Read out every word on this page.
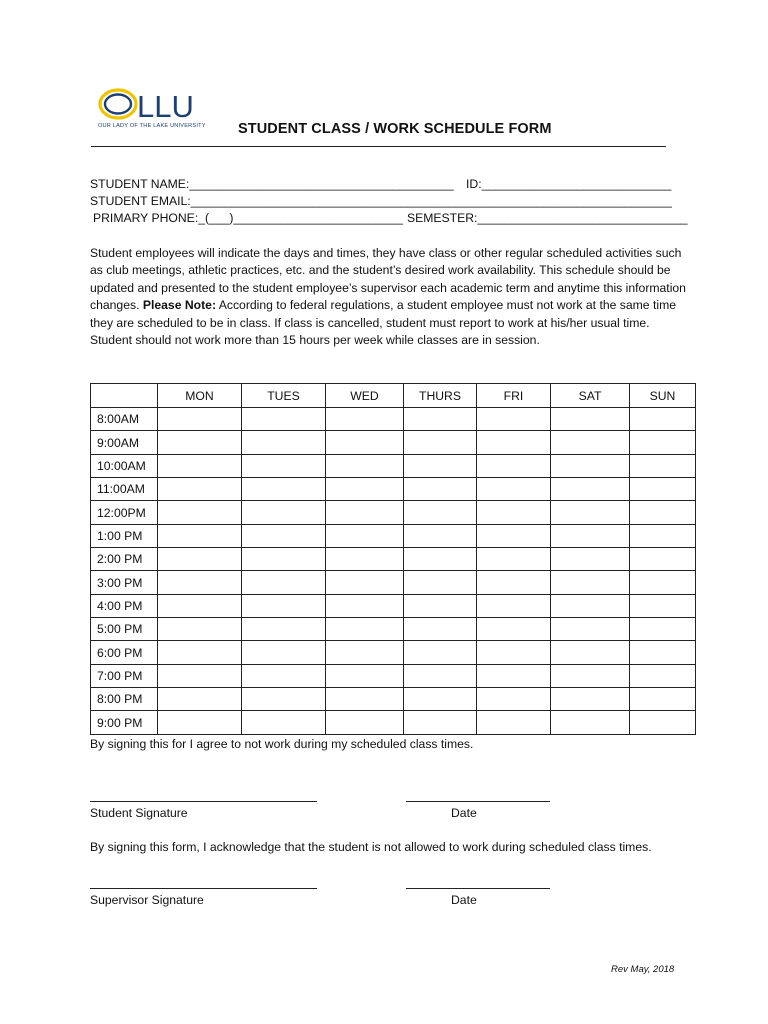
LLU
OUR LADY OF THE LAKE UNIVERSITY STUDENT CLASS / WORK SCHEDULE FORM
STUDENT NAME:_______________________________________ ID:____________________________
STUDENT EMAIL:_______________________________________________________________________
PRIMARY PHONE:_(___)_________________________ SEMESTER:_______________________________
Student employees will indicate the days and times, they have class or other regular scheduled activities such as club meetings, athletic practices, etc. and the student’s desired work availability. This schedule should be updated and presented to the student employee’s supervisor each academic term and anytime this information changes. Please Note: According to federal regulations, a student employee must not work at the same time they are scheduled to be in class. If class is cancelled, student must report to work at his/her usual time. Student should not work more than 15 hours per week while classes are in session.
	MON	TUES	WED	THURS	FRI	SAT	SUN
8:00AM							
9:00AM							
10:00AM							
11:00AM							
12:00PM							
1:00 PM							
2:00 PM							
3:00 PM							
4:00 PM							
5:00 PM							
6:00 PM							
7:00 PM							
8:00 PM							
9:00 PM							
By signing this for I agree to not work during my scheduled class times.
Student Signature	Date
By signing this form, I acknowledge that the student is not allowed to work during scheduled class times.
Supervisor Signature	Date
Rev May, 2018
